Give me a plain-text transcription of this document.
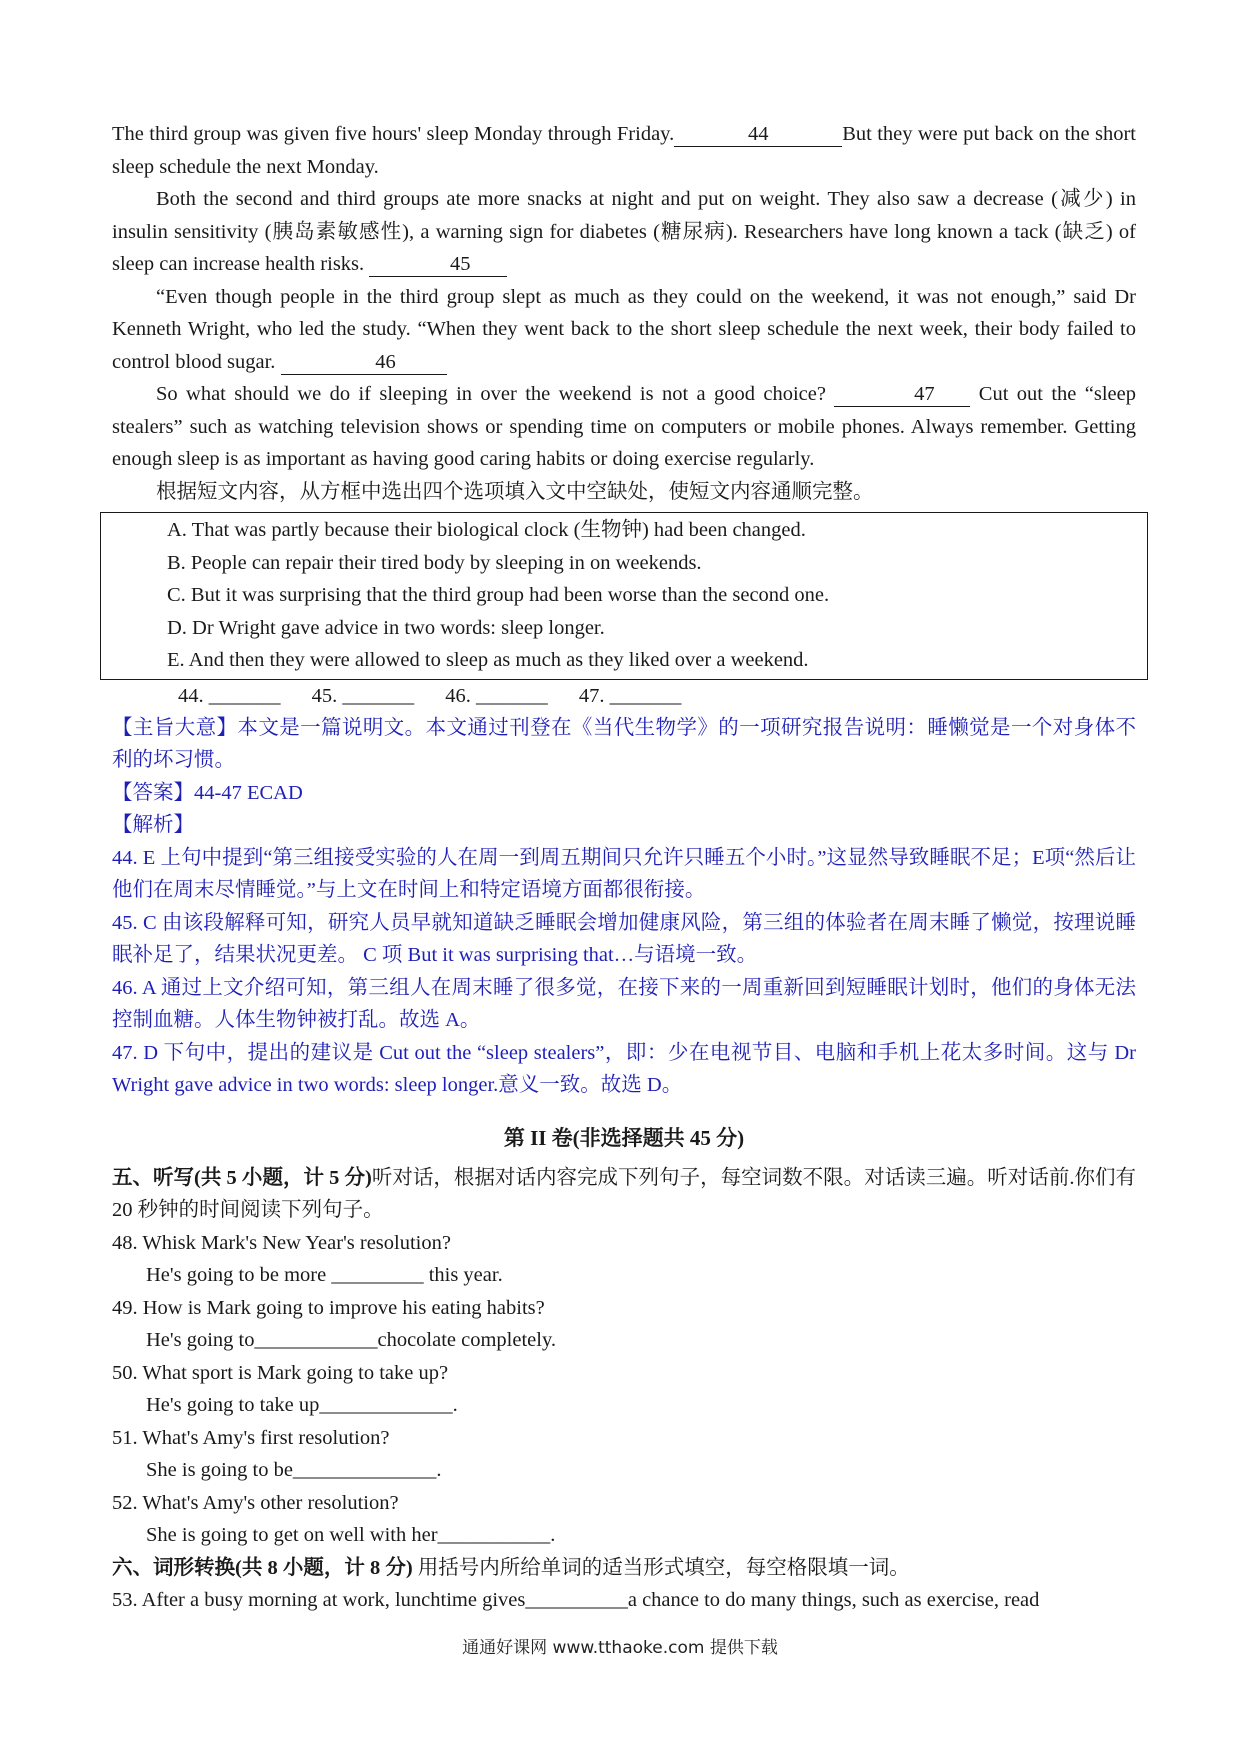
The third group was given five hours' sleep Monday through Friday.	44	But they were put back on the short sleep schedule the next Monday.

Both the second and third groups ate more snacks at night and put on weight. They also saw a decrease (减少) in insulin sensitivity (胰岛素敏感性), a warning sign for diabetes (糖尿病). Researchers have long known a tack (缺乏) of sleep can increase health risks.	45

“Even though people in the third group slept as much as they could on the weekend, it was not enough,” said Dr Kenneth Wright, who led the study. “When they went back to the short sleep schedule the next week, their body failed to control blood sugar.	46

So what should we do if sleeping in over the weekend is not a good choice?	47 Cut out the “sleep stealers” such as watching television shows or spending time on computers or mobile phones. Always remember. Getting enough sleep is as important as having good caring habits or doing exercise regularly.

根据短文内容，从方框中选出四个选项填入文中空缺处，使短文内容通顺完整。

A. That was partly because their biological clock (生物钟) had been changed.
B. People can repair their tired body by sleeping in on weekends.
C. But it was surprising that the third group had been worse than the second one.
D. Dr Wright gave advice in two words: sleep longer.
E. And then they were allowed to sleep as much as they liked over a weekend.
44. _______ 45. _______ 46. _______ 47. _______

【主旨大意】本文是一篇说明文。本文通过刊登在《当代生物学》的一项研究报告说明：睡懒觉是一个对身体不利的坏习惯。

【答案】44-47 ECAD

【解析】

44. E 上句中提到“第三组接受实验的人在周一到周五期间只允许只睡五个小时。”这显然导致睡眠不足；E项“然后让他们在周末尽情睡觉。”与上文在时间上和特定语境方面都很衔接。

45. C 由该段解释可知，研究人员早就知道缺乏睡眠会增加健康风险，第三组的体验者在周末睡了懒觉，按理说睡眠补足了，结果状况更差。 C 项 But it was surprising that…与语境一致。

46. A 通过上文介绍可知，第三组人在周末睡了很多觉，在接下来的一周重新回到短睡眠计划时，他们的身体无法控制血糖。人体生物钟被打乱。故选 A。

47. D 下句中，提出的建议是 Cut out the “sleep stealers”，即：少在电视节目、电脑和手机上花太多时间。这与 Dr Wright gave advice in two words: sleep longer.意义一致。故选 D。

第 II 卷(非选择题共 45 分)

五、听写(共 5 小题，计 5 分)听对话，根据对话内容完成下列句子，每空词数不限。对话读三遍。听对话前.你们有 20 秒钟的时间阅读下列句子。

48. Whisk Mark's New Year's resolution?

He's going to be more _________ this year.

49. How is Mark going to improve his eating habits?

He's going to____________chocolate completely.

50. What sport is Mark going to take up?

He's going to take up_____________.

51. What's Amy's first resolution?

She is going to be______________.

52. What's Amy's other resolution?

She is going to get on well with her___________.

六、词形转换(共 8 小题，计 8 分) 用括号内所给单词的适当形式填空，每空格限填一词。

53. After a busy morning at work, lunchtime gives__________a chance to do many things, such as exercise, read

通通好课网 www.tthaoke.com 提供下载
